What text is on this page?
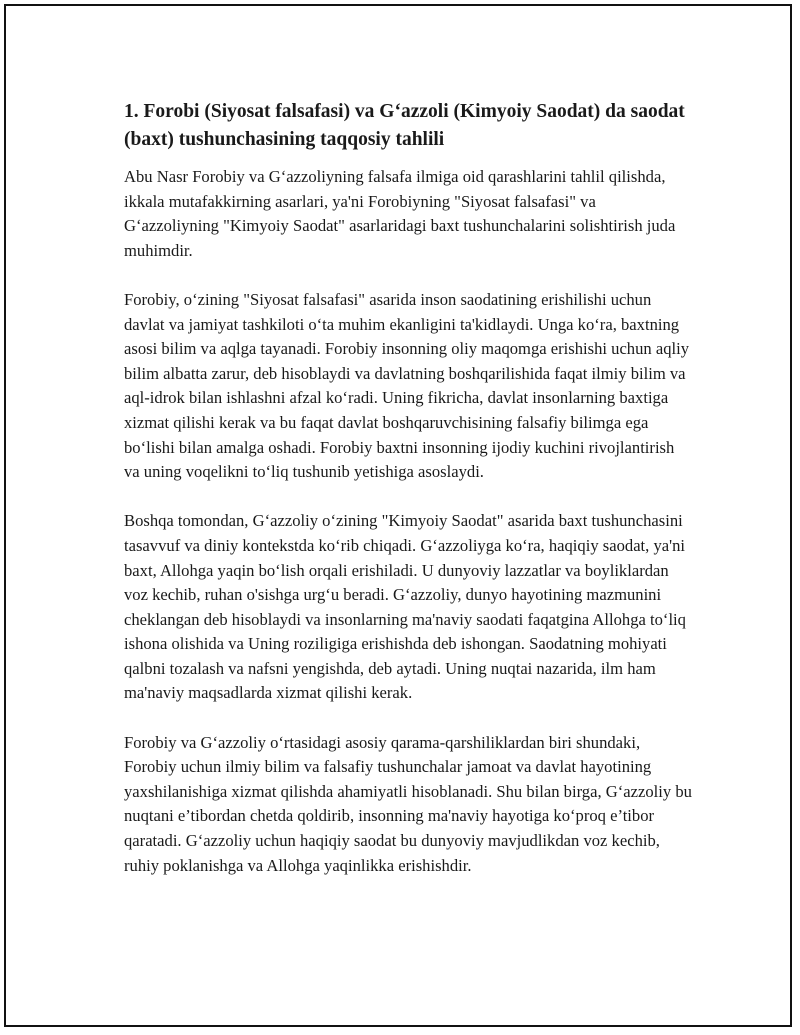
1. Forobi (Siyosat falsafasi) va G‘azzoli (Kimyoiy Saodat) da saodat (baxt) tushunchasining taqqosiy tahlili

Abu Nasr Forobiy va G‘azzoliyning falsafa ilmiga oid qarashlarini tahlil qilishda, ikkala mutafakkirning asarlari, ya'ni Forobiyning "Siyosat falsafasi" va G‘azzoliyning "Kimyoiy Saodat" asarlaridagi baxt tushunchalarini solishtirish juda muhimdir.

Forobiy, o‘zining "Siyosat falsafasi" asarida inson saodatining erishilishi uchun davlat va jamiyat tashkiloti o‘ta muhim ekanligini ta'kidlaydi. Unga ko‘ra, baxtning asosi bilim va aqlga tayanadi. Forobiy insonning oliy maqomga erishishi uchun aqliy bilim albatta zarur, deb hisoblaydi va davlatning boshqarilishida faqat ilmiy bilim va aql-idrok bilan ishlashni afzal ko‘radi. Uning fikricha, davlat insonlarning baxtiga xizmat qilishi kerak va bu faqat davlat boshqaruvchisining falsafiy bilimga ega bo‘lishi bilan amalga oshadi. Forobiy baxtni insonning ijodiy kuchini rivojlantirish va uning voqelikni to‘liq tushunib yetishiga asoslaydi.

Boshqa tomondan, G‘azzoliy o‘zining "Kimyoiy Saodat" asarida baxt tushunchasini tasavvuf va diniy kontekstda ko‘rib chiqadi. G‘azzoliyga ko‘ra, haqiqiy saodat, ya'ni baxt, Allohga yaqin bo‘lish orqali erishiladi. U dunyoviy lazzatlar va boyliklardan voz kechib, ruhan o'sishga urg‘u beradi. G‘azzoliy, dunyo hayotining mazmunini cheklangan deb hisoblaydi va insonlarning ma'naviy saodati faqatgina Allohga to‘liq ishona olishida va Uning roziligiga erishishda deb ishongan. Saodatning mohiyati qalbni tozalash va nafsni yengishda, deb aytadi. Uning nuqtai nazarida, ilm ham ma'naviy maqsadlarda xizmat qilishi kerak.

Forobiy va G‘azzoliy o‘rtasidagi asosiy qarama-qarshiliklardan biri shundaki, Forobiy uchun ilmiy bilim va falsafiy tushunchalar jamoat va davlat hayotining yaxshilanishiga xizmat qilishda ahamiyatli hisoblanadi. Shu bilan birga, G‘azzoliy bu nuqtani e’tibordan chetda qoldirib, insonning ma'naviy hayotiga ko‘proq e’tibor qaratadi. G‘azzoliy uchun haqiqiy saodat bu dunyoviy mavjudlikdan voz kechib, ruhiy poklanishga va Allohga yaqinlikka erishishdir.
